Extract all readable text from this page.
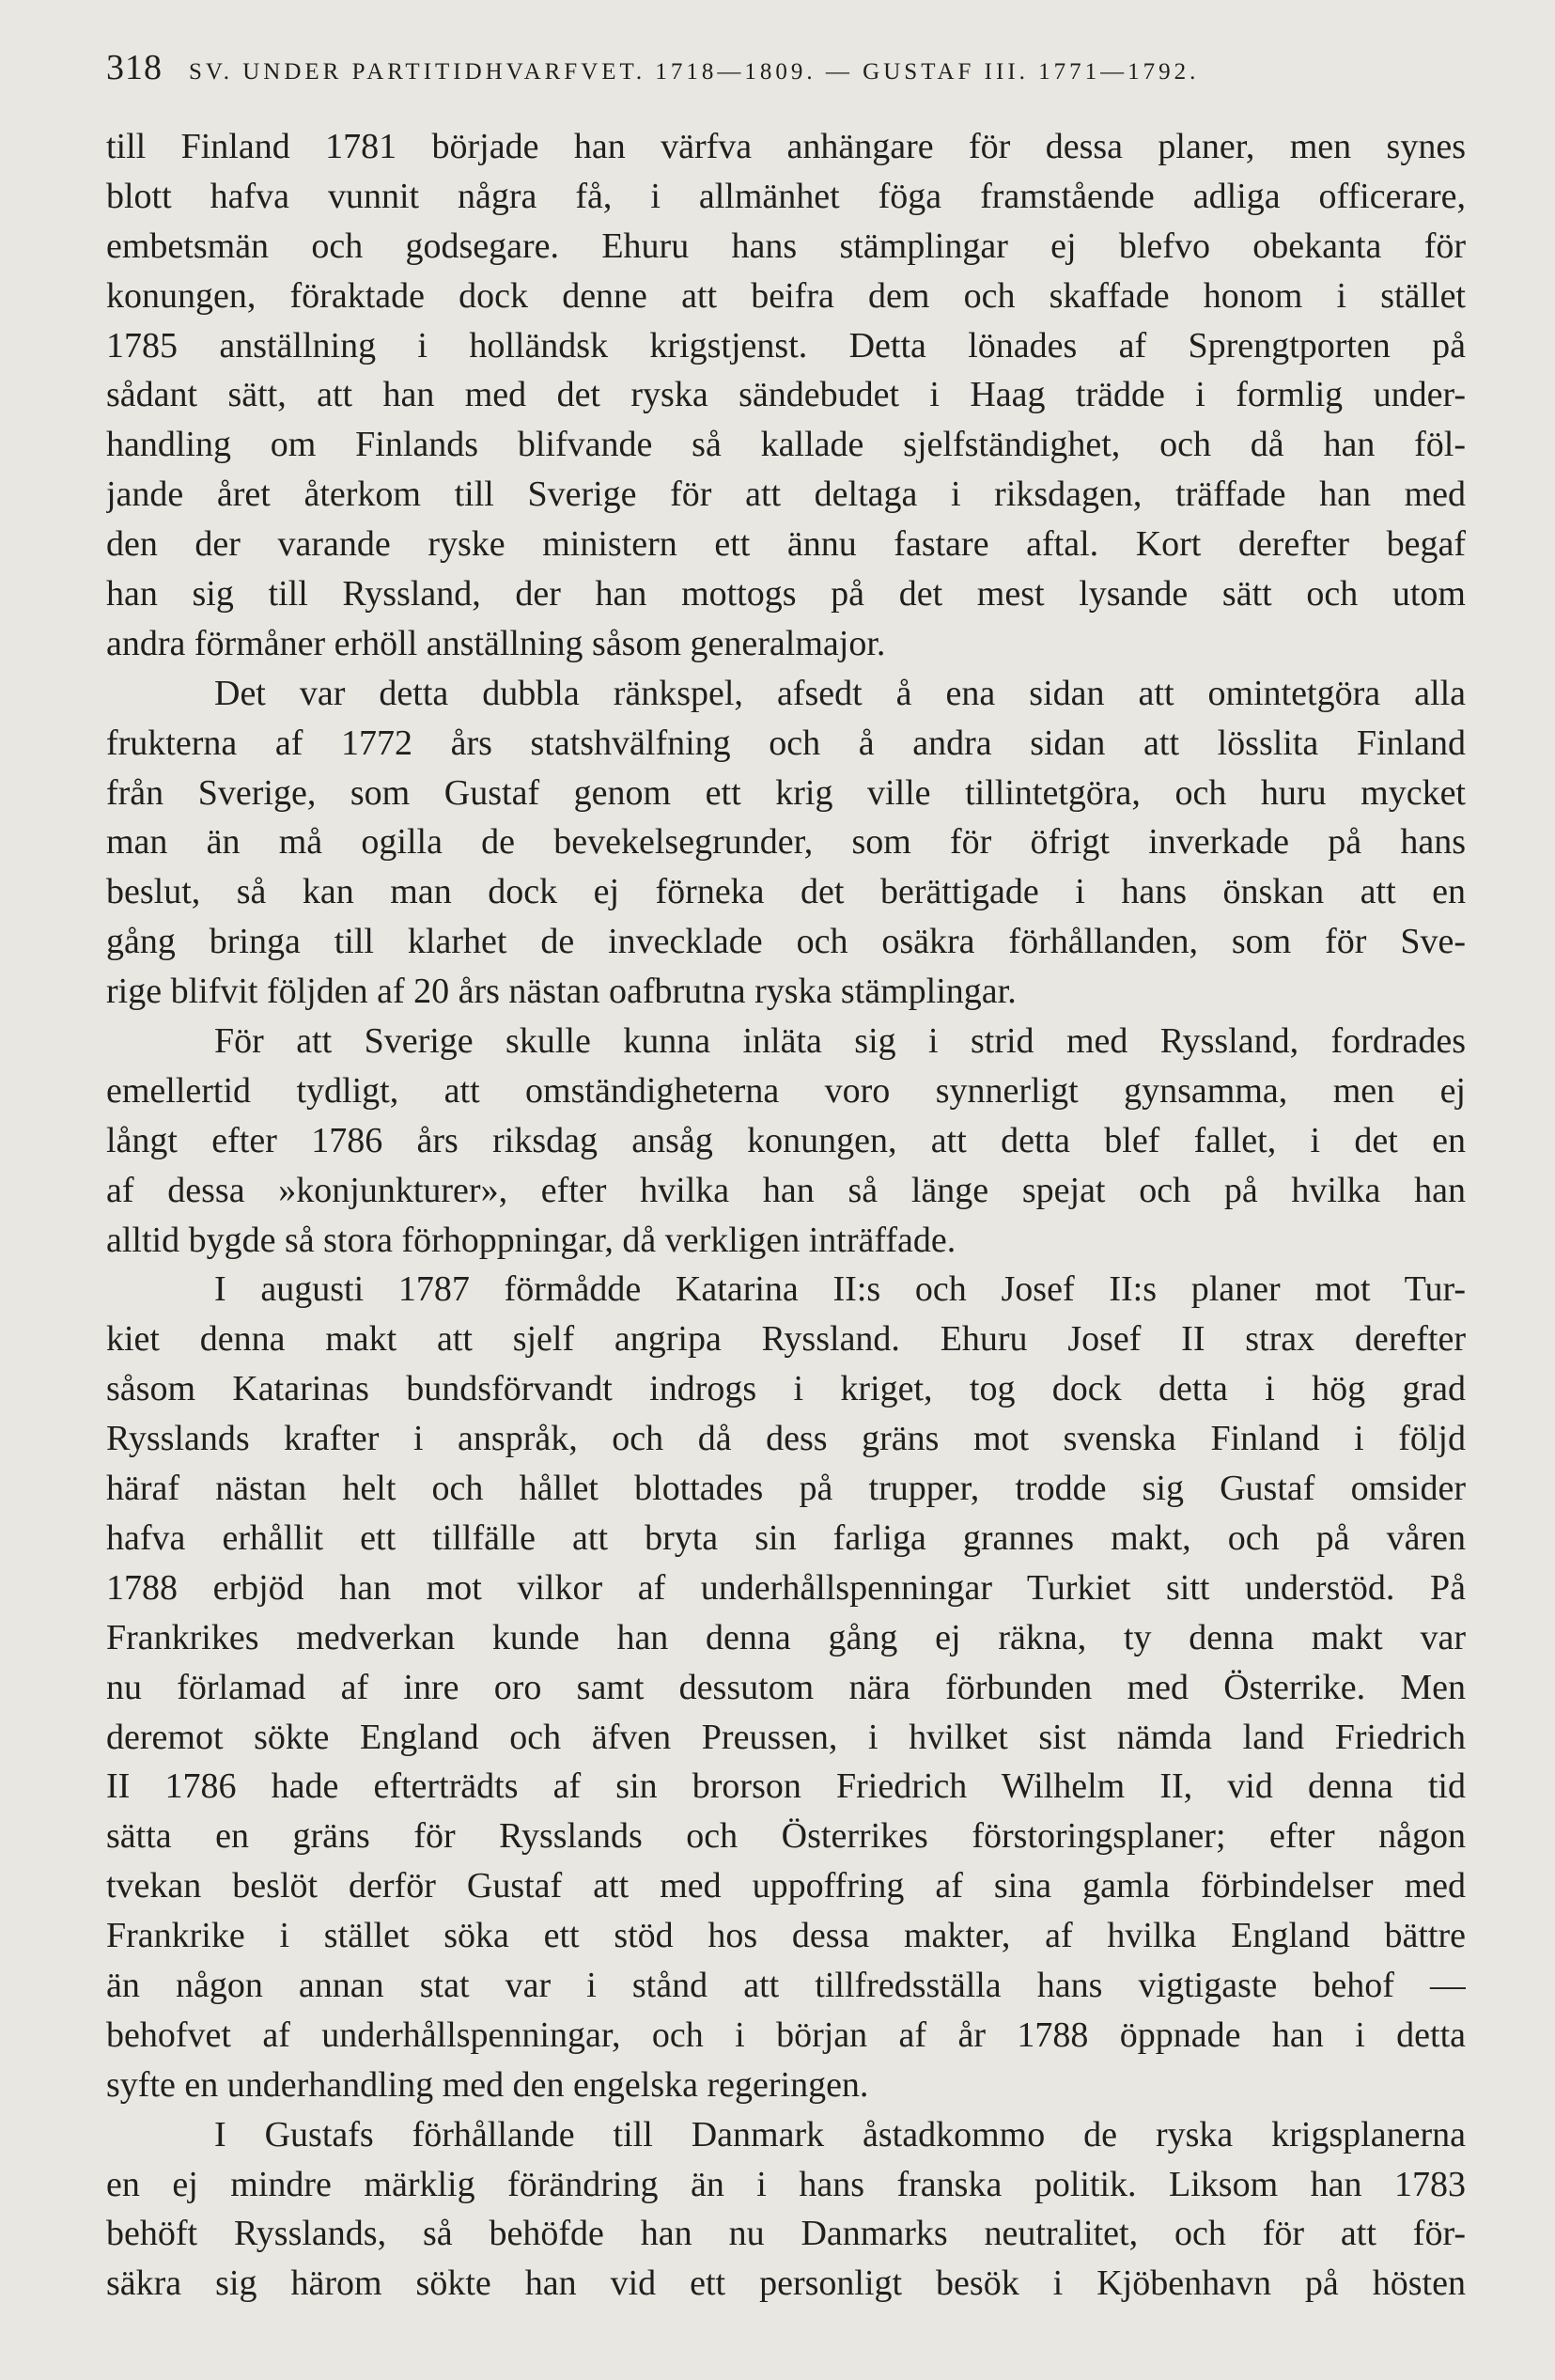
318 SV. UNDER PARTITIDHVARFVET. 1718—1809. — GUSTAF III. 1771—1792.
till Finland 1781 började han värfva anhängare för dessa planer, men synes
blott hafva vunnit några få, i allmänhet föga framstående adliga officerare,
embetsmän och godsegare. Ehuru hans stämplingar ej blefvo obekanta för
konungen, föraktade dock denne att beifra dem och skaffade honom i stället
1785 anställning i holländsk krigstjenst. Detta lönades af Sprengtporten på
sådant sätt, att han med det ryska sändebudet i Haag trädde i formlig under-
handling om Finlands blifvande så kallade sjelfständighet, och då han föl-
jande året återkom till Sverige för att deltaga i riksdagen, träffade han med
den der varande ryske ministern ett ännu fastare aftal. Kort derefter begaf
han sig till Ryssland, der han mottogs på det mest lysande sätt och utom
andra förmåner erhöll anställning såsom generalmajor.
Det var detta dubbla ränkspel, afsedt å ena sidan att omintetgöra alla
frukterna af 1772 års statshvälfning och å andra sidan att lösslita Finland
från Sverige, som Gustaf genom ett krig ville tillintetgöra, och huru mycket
man än må ogilla de bevekelsegrunder, som för öfrigt inverkade på hans
beslut, så kan man dock ej förneka det berättigade i hans önskan att en
gång bringa till klarhet de invecklade och osäkra förhållanden, som för Sve-
rige blifvit följden af 20 års nästan oafbrutna ryska stämplingar.
För att Sverige skulle kunna inläta sig i strid med Ryssland, fordrades
emellertid tydligt, att omständigheterna voro synnerligt gynsamma, men ej
långt efter 1786 års riksdag ansåg konungen, att detta blef fallet, i det en
af dessa »konjunkturer», efter hvilka han så länge spejat och på hvilka han
alltid bygde så stora förhoppningar, då verkligen inträffade.
I augusti 1787 förmådde Katarina II:s och Josef II:s planer mot Tur-
kiet denna makt att sjelf angripa Ryssland. Ehuru Josef II strax derefter
såsom Katarinas bundsförvandt indrogs i kriget, tog dock detta i hög grad
Rysslands krafter i anspråk, och då dess gräns mot svenska Finland i följd
häraf nästan helt och hållet blottades på trupper, trodde sig Gustaf omsider
hafva erhållit ett tillfälle att bryta sin farliga grannes makt, och på våren
1788 erbjöd han mot vilkor af underhållspenningar Turkiet sitt understöd. På
Frankrikes medverkan kunde han denna gång ej räkna, ty denna makt var
nu förlamad af inre oro samt dessutom nära förbunden med Österrike. Men
deremot sökte England och äfven Preussen, i hvilket sist nämda land Friedrich
II 1786 hade efterträdts af sin brorson Friedrich Wilhelm II, vid denna tid
sätta en gräns för Rysslands och Österrikes förstoringsplaner; efter någon
tvekan beslöt derför Gustaf att med uppoffring af sina gamla förbindelser med
Frankrike i stället söka ett stöd hos dessa makter, af hvilka England bättre
än någon annan stat var i stånd att tillfredsställa hans vigtigaste behof —
behofvet af underhållspenningar, och i början af år 1788 öppnade han i detta
syfte en underhandling med den engelska regeringen.
I Gustafs förhållande till Danmark åstadkommo de ryska krigsplanerna
en ej mindre märklig förändring än i hans franska politik. Liksom han 1783
behöft Rysslands, så behöfde han nu Danmarks neutralitet, och för att för-
säkra sig härom sökte han vid ett personligt besök i Kjöbenhavn på hösten
